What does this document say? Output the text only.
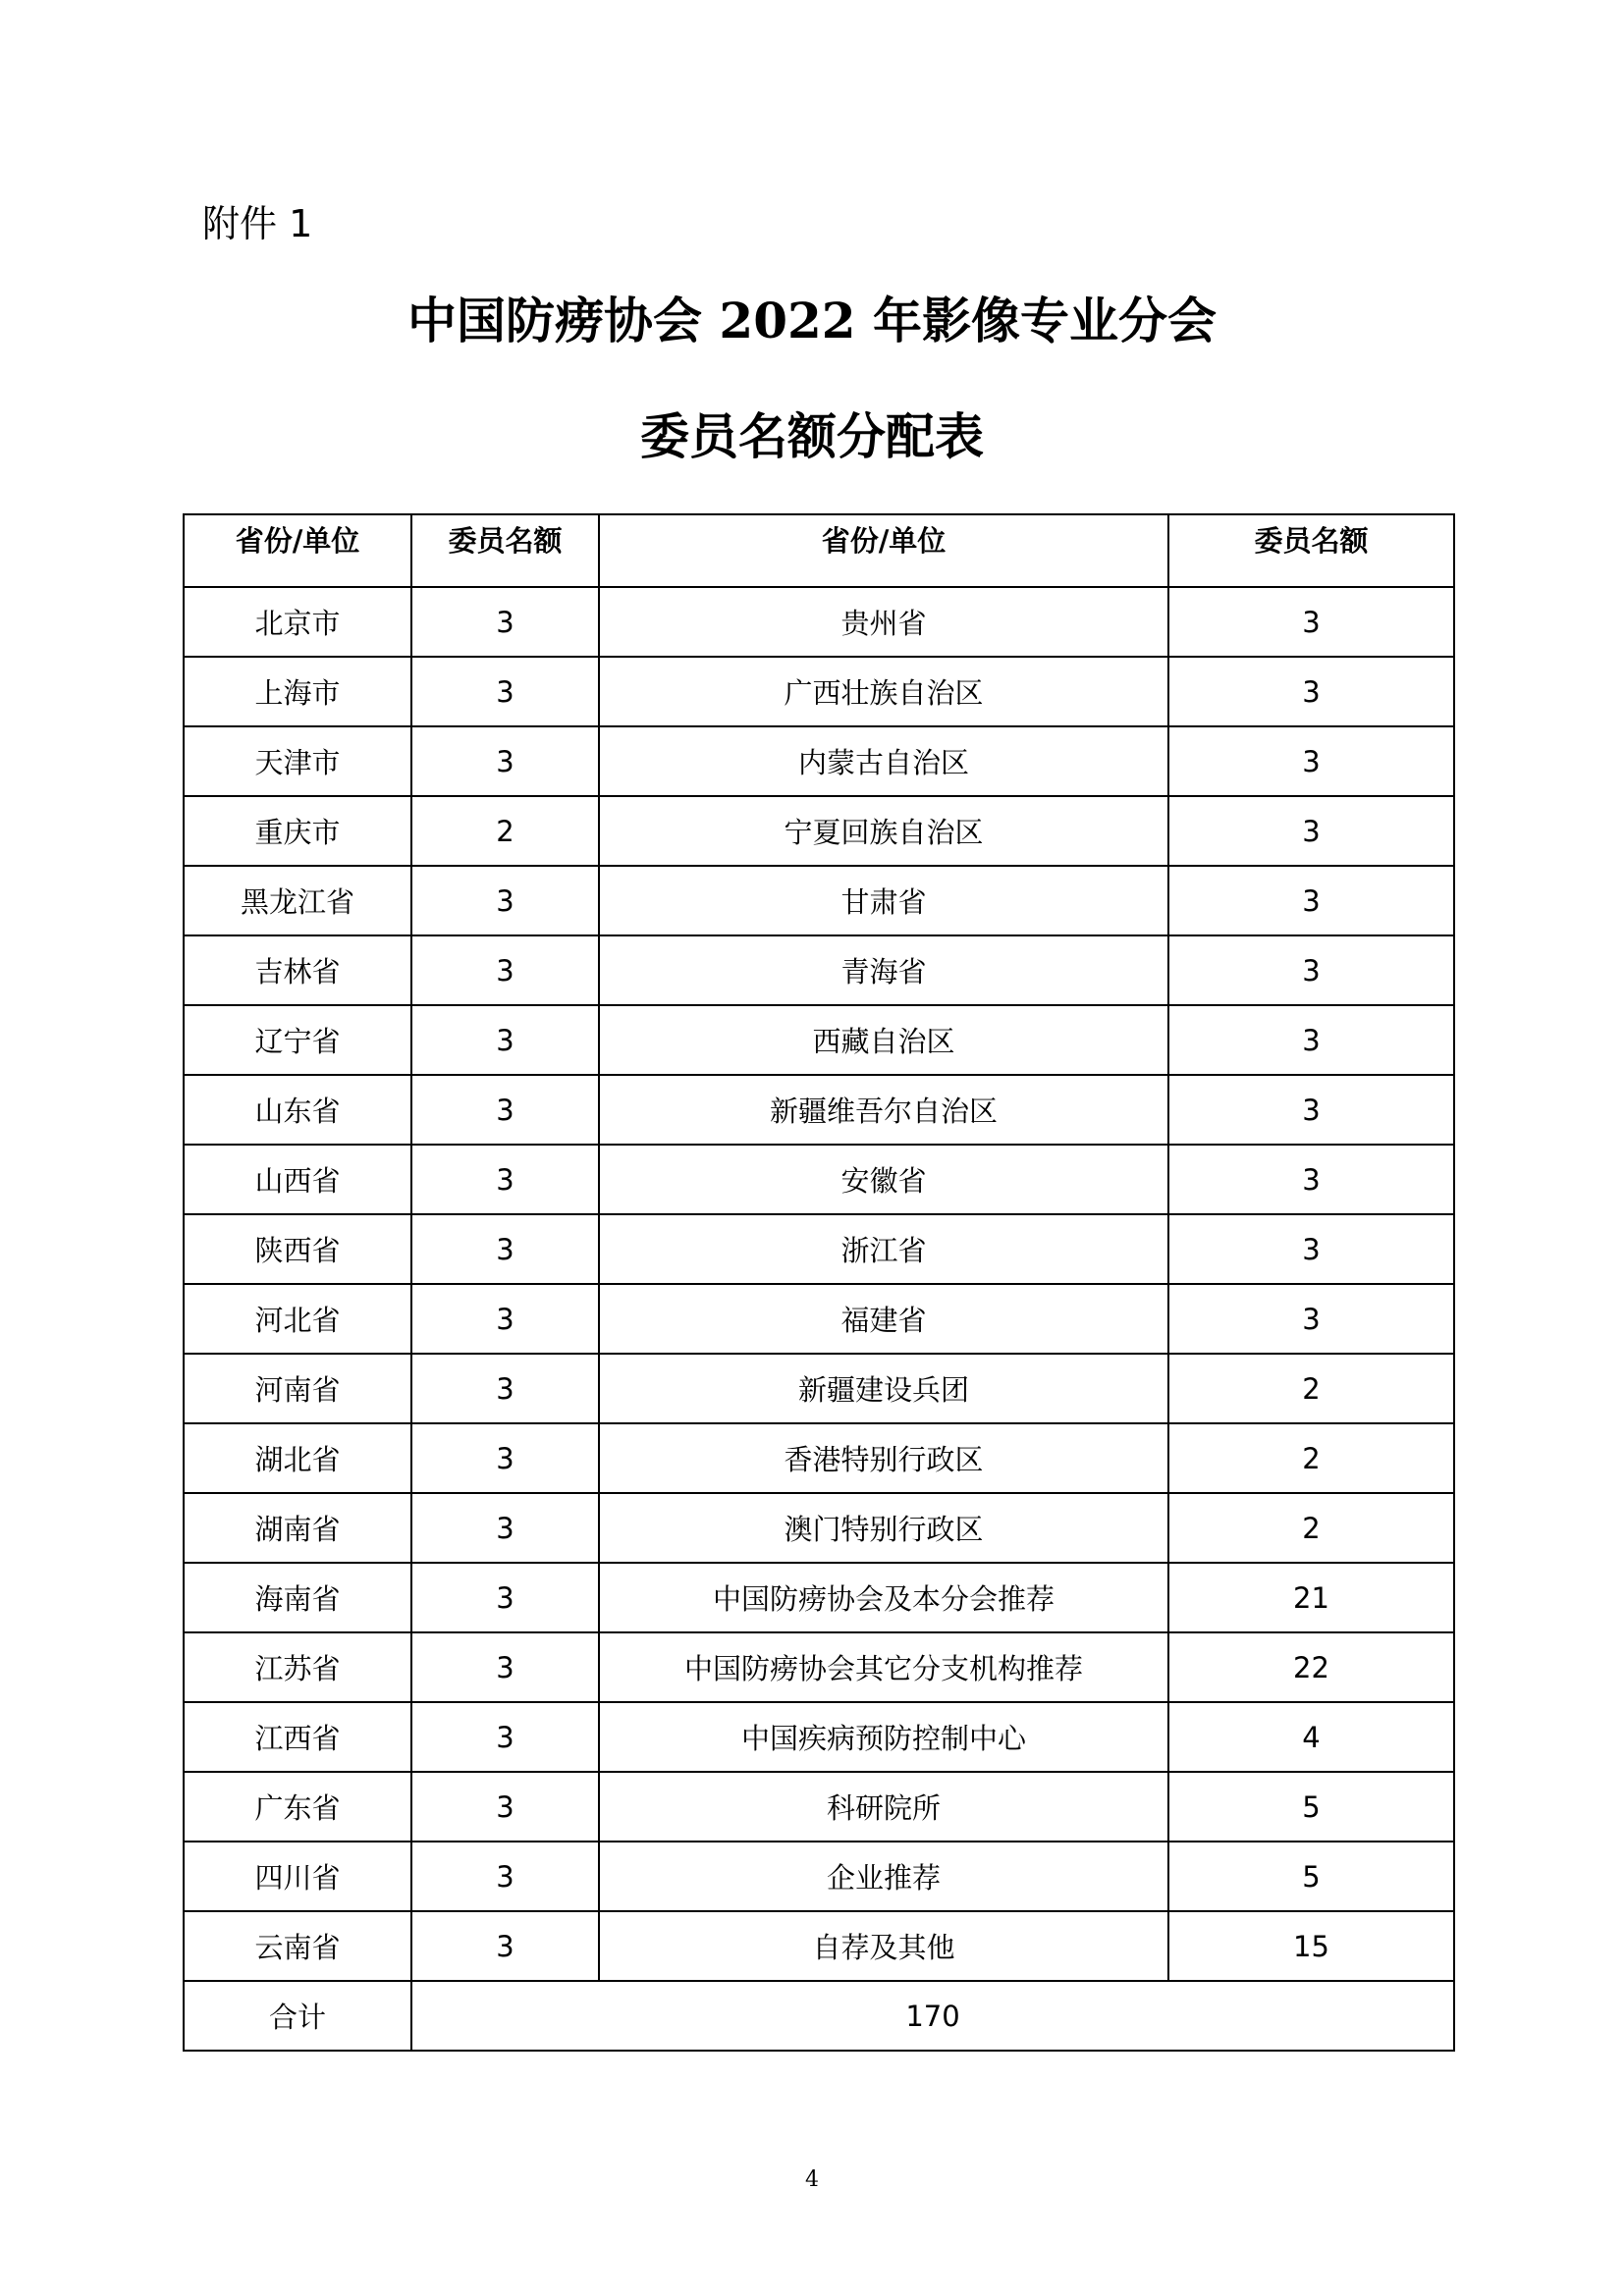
附件 1
中国防痨协会 2022 年影像专业分会
委员名额分配表
省份/单位	委员名额	省份/单位	委员名额
北京市	3	贵州省	3
上海市	3	广西壮族自治区	3
天津市	3	内蒙古自治区	3
重庆市	2	宁夏回族自治区	3
黑龙江省	3	甘肃省	3
吉林省	3	青海省	3
辽宁省	3	西藏自治区	3
山东省	3	新疆维吾尔自治区	3
山西省	3	安徽省	3
陕西省	3	浙江省	3
河北省	3	福建省	3
河南省	3	新疆建设兵团	2
湖北省	3	香港特别行政区	2
湖南省	3	澳门特别行政区	2
海南省	3	中国防痨协会及本分会推荐	21
江苏省	3	中国防痨协会其它分支机构推荐	22
江西省	3	中国疾病预防控制中心	4
广东省	3	科研院所	5
四川省	3	企业推荐	5
云南省	3	自荐及其他	15
合计	170		
4
